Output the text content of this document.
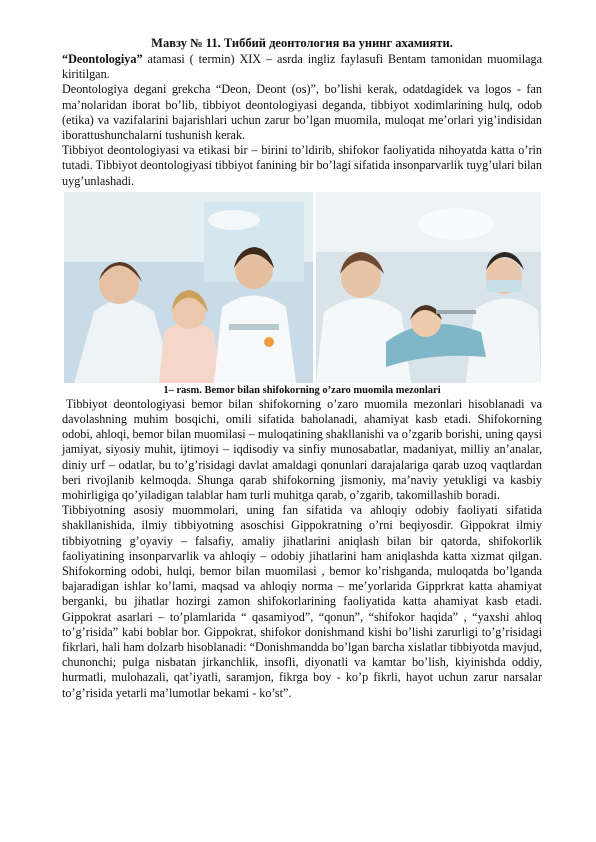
Мавзу № 11. Тиббий деонтология ва унинг ахамияти.

“Deontologiya” atamasi ( termin) XIX – asrda ingliz faylasufi Bentam tamonidan muomilaga kiritilgan.

Deontologiya degani grekcha “Deon, Deont (os)”, bo’lishi kerak, odatdagidek va logos - fan ma’nolaridan iborat bo’lib, tibbiyot deontologiyasi deganda, tibbiyot xodimlarining hulq, odob (etika) va vazifalarini bajarishlari uchun zarur bo’lgan muomila, muloqat me’orlari yig’indisidan iborattushunchalarni tushunish kerak.

Tibbiyot deontologiyasi va etikasi bir – birini to’ldirib, shifokor faoliyatida nihoyatda katta o’rin tutadi. Tibbiyot deontologiyasi tibbiyot fanining bir bo’lagi sifatida insonparvarlik tuyg’ulari bilan uyg’unlashadi.

1– rasm. Bemor bilan shifokorning o’zaro muomila mezonlari

Tibbiyot deontologiyasi bemor bilan shifokorning o’zaro muomila mezonlari hisoblanadi va davolashning muhim bosqichi, omili sifatida baholanadi, ahamiyat kasb etadi. Shifokorning odobi, ahloqi, bemor bilan muomilasi – muloqatining shakllanishi va o’zgarib borishi, uning qaysi jamiyat, siyosiy muhit, ijtimoyi – iqdisodiy va sinfiy munosabatlar, madaniyat, milliy an’analar, diniy urf – odatlar, bu to’g’risidagi davlat amaldagi qonunlari darajalariga qarab uzoq vaqtlardan beri rivojlanib kelmoqda. Shunga qarab shifokorning jismoniy, ma’naviy yetukligi va kasbiy mohirligiga qo’yiladigan talablar ham turli muhitga qarab, o’zgarib, takomillashib boradi.

Tibbiyotning asosiy muommolari, uning fan sifatida va ahloqiy odobiy faoliyati sifatida shakllanishida, ilmiy tibbiyotning asoschisi Gippokratning o’rni beqiyosdir. Gippokrat ilmiy tibbiyotning g’oyaviy – falsafiy, amaliy jihatlarini aniqlash bilan bir qatorda, shifokorlik faoliyatining insonparvarlik va ahloqiy – odobiy jihatlarini ham aniqlashda katta xizmat qilgan. Shifokorning odobi, hulqi, bemor bilan muomilasi , bemor ko’rishganda, muloqatda bo’lganda bajaradigan ishlar ko’lami, maqsad va ahloqiy norma – me’yorlarida Gipprkrat katta ahamiyat berganki, bu jihatlar hozirgi zamon shifokorlarining faoliyatida katta ahamiyat kasb etadi. Gippokrat asarlari – to’plamlarida “ qasamiyod”, “qonun”, “shifokor haqida” , “yaxshi ahloq to’g’risida” kabi boblar bor. Gippokrat, shifokor donishmand kishi bo’lishi zarurligi to’g’risidagi fikrlari, hali ham dolzarb hisoblanadi: “Donishmandda bo’lgan barcha xislatlar tibbiyotda mavjud, chunonchi; pulga nisbatan jirkanchlik, insofli, diyonatli va kamtar bo’lish, kiyinishda oddiy, hurmatli, mulohazali, qat’iyatli, saramjon, fikrga boy - ko’p fikrli, hayot uchun zarur narsalar to’g’risida yetarli ma’lumotlar bekami - ko’st”.
